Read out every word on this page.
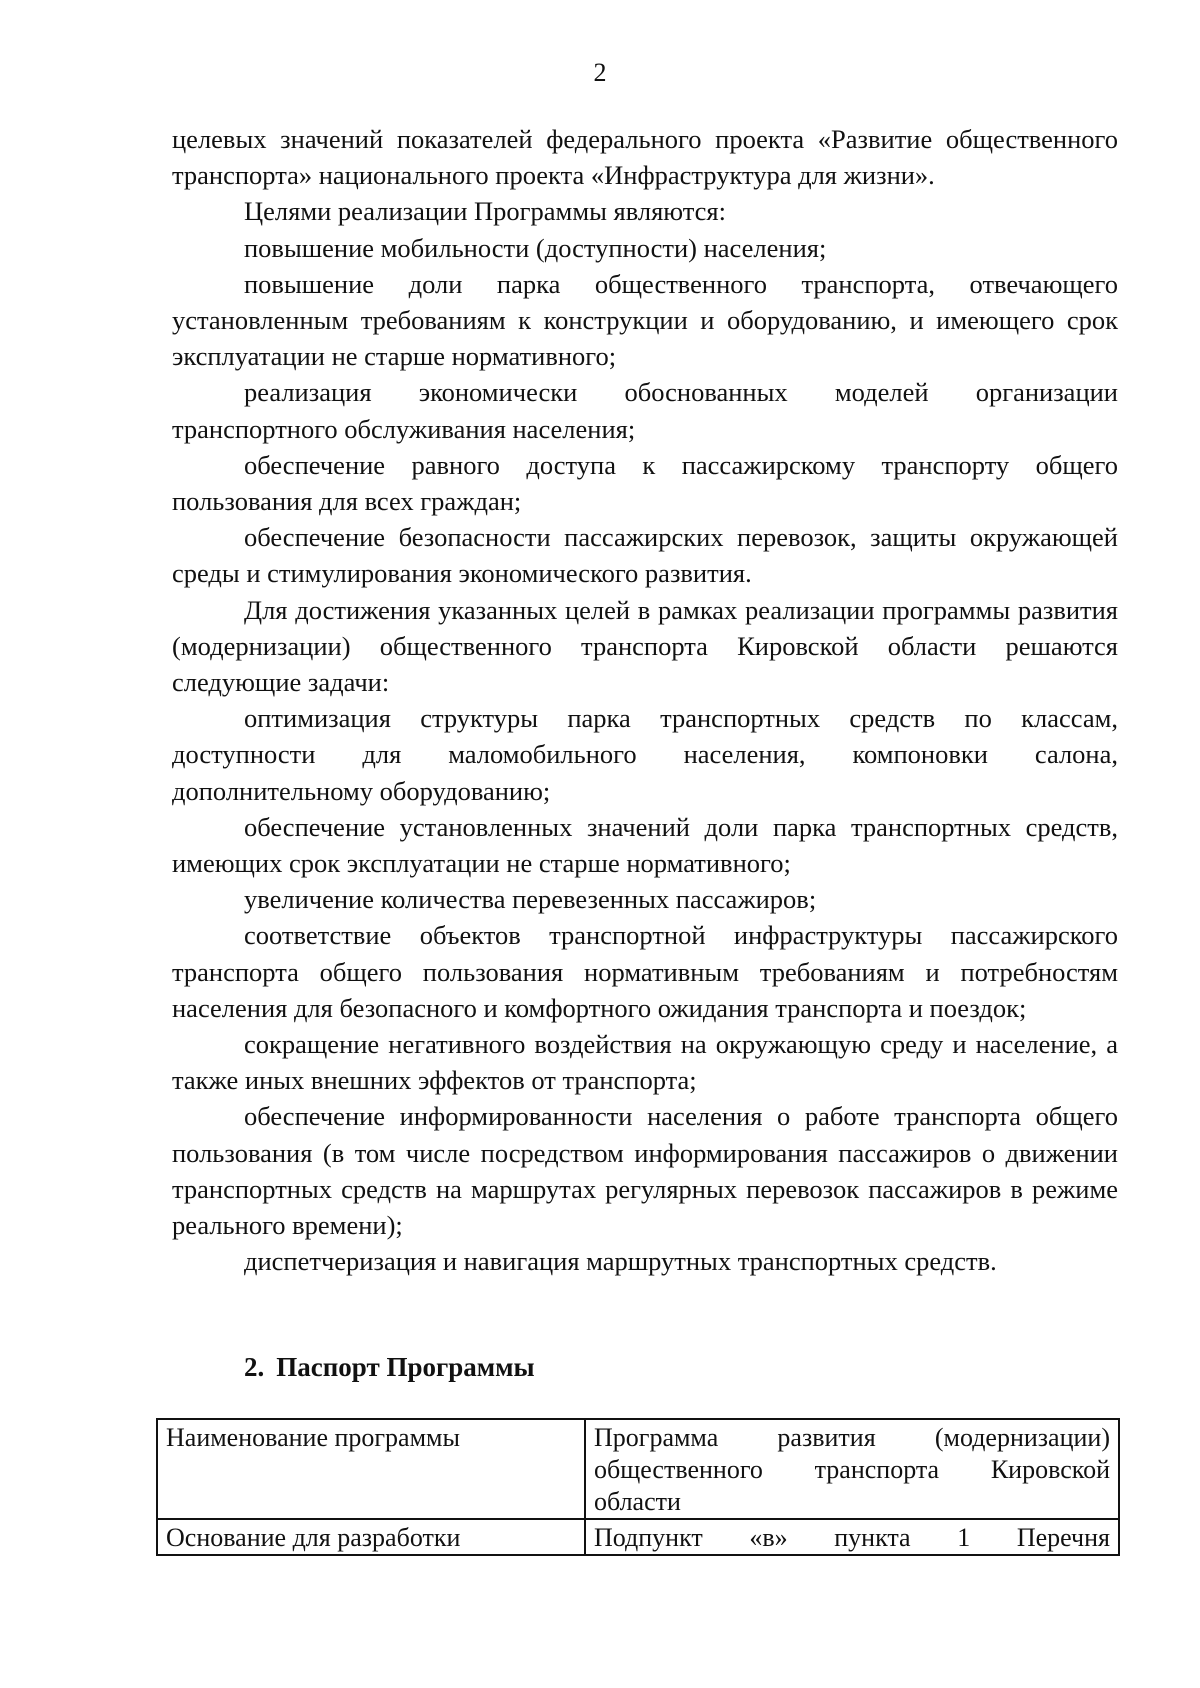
2

целевых значений показателей федерального проекта «Развитие общественного транспорта» национального проекта «Инфраструктура для жизни».

Целями реализации Программы являются:

повышение мобильности (доступности) населения;

повышение доли парка общественного транспорта, отвечающего установленным требованиям к конструкции и оборудованию, и имеющего срок эксплуатации не старше нормативного;

реализация экономически обоснованных моделей организации транспортного обслуживания населения;

обеспечение равного доступа к пассажирскому транспорту общего пользования для всех граждан;

обеспечение безопасности пассажирских перевозок, защиты окружающей среды и стимулирования экономического развития.

Для достижения указанных целей в рамках реализации программы развития (модернизации) общественного транспорта Кировской области решаются следующие задачи:

оптимизация структуры парка транспортных средств по классам, доступности для маломобильного населения, компоновки салона, дополнительному оборудованию;

обеспечение установленных значений доли парка транспортных средств, имеющих срок эксплуатации не старше нормативного;

увеличение количества перевезенных пассажиров;

соответствие объектов транспортной инфраструктуры пассажирского транспорта общего пользования нормативным требованиям и потребностям населения для безопасного и комфортного ожидания транспорта и поездок;

сокращение негативного воздействия на окружающую среду и население, а также иных внешних эффектов от транспорта;

обеспечение информированности населения о работе транспорта общего пользования (в том числе посредством информирования пассажиров о движении транспортных средств на маршрутах регулярных перевозок пассажиров в режиме реального времени);

диспетчеризация и навигация маршрутных транспортных средств.

2. Паспорт Программы
Наименование программы	Программа развития (модернизации) общественного транспорта Кировской области
Основание для разработки	Подпункт «в» пункта 1 Перечня
